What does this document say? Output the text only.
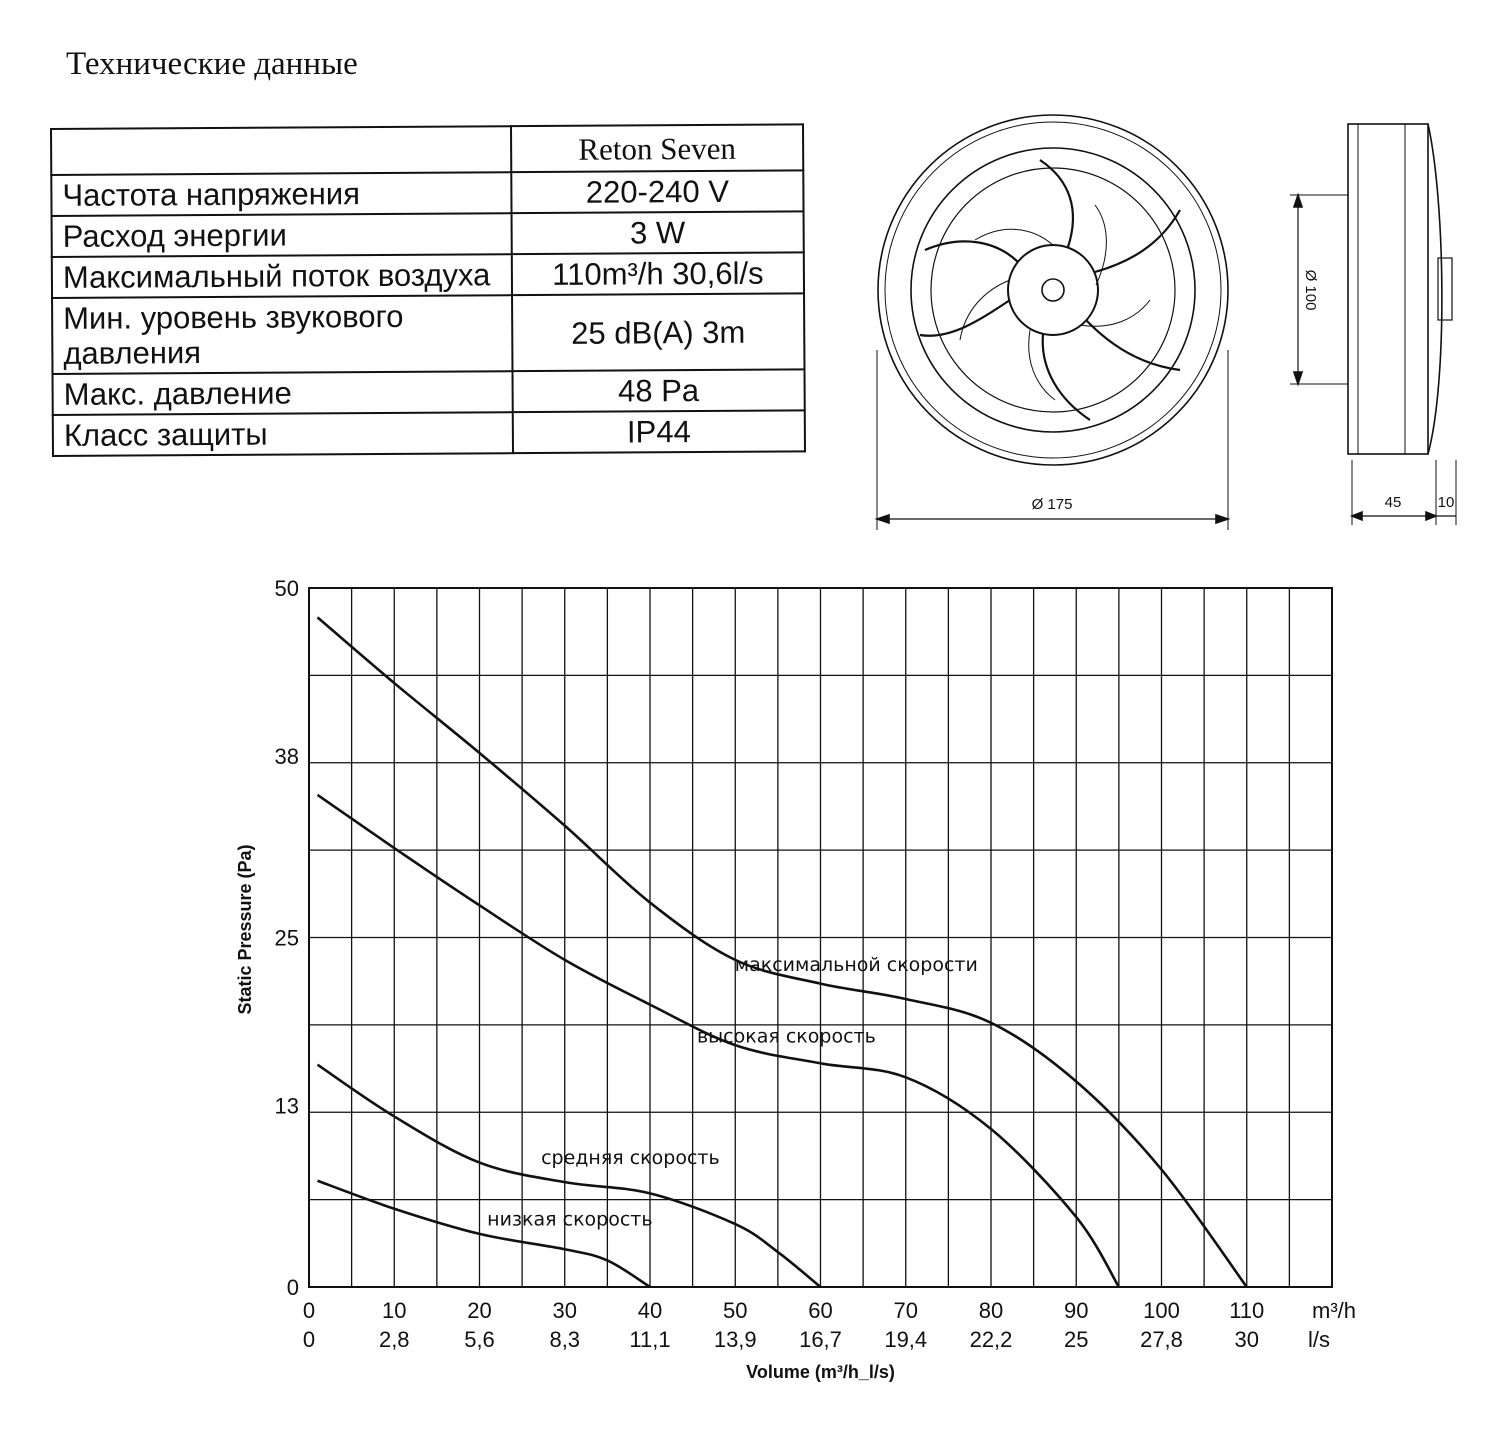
Технические данные
	Reton Seven
Частота напряжения	220-240 V
Расход энергии	3 W
Максимальный поток воздуха	110m³/h 30,6l/s
Мин. уровень звукового давления	25 dB(A) 3m
Макс. давление	48 Pa
Класс защиты	IP44
Ø 175
Ø 100
45 10
0
13
25
38
50
0
0
10
2,8
20
5,6
30
8,3
40
11,1
50
13,9
60
16,7
70
19,4
80
22,2
90
25
100
27,8
110
30
m³/h
l/s
Volume (m³/h_l/s)
Static Pressure (Pa)	максимальной скорости
высокая скорость
средняя скорость
низкая скорость
